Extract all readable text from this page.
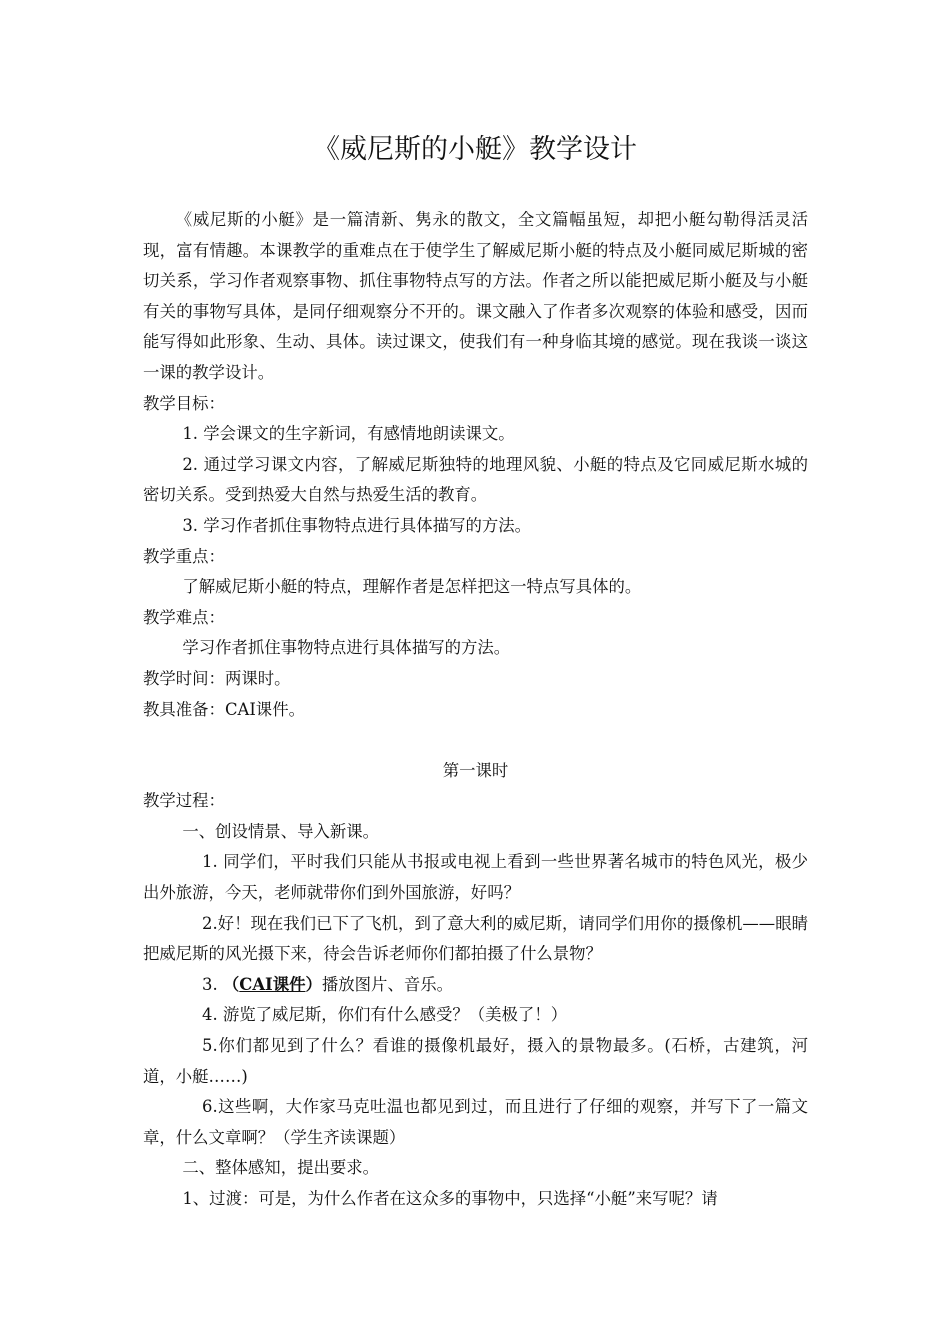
《威尼斯的小艇》教学设计

《威尼斯的小艇》是一篇清新、隽永的散文，全文篇幅虽短，却把小艇勾勒得活灵活现，富有情趣。本课教学的重难点在于使学生了解威尼斯小艇的特点及小艇同威尼斯城的密切关系，学习作者观察事物、抓住事物特点写的方法。作者之所以能把威尼斯小艇及与小艇有关的事物写具体，是同仔细观察分不开的。课文融入了作者多次观察的体验和感受，因而能写得如此形象、生动、具体。读过课文，使我们有一种身临其境的感觉。现在我谈一谈这一课的教学设计。

教学目标：

1. 学会课文的生字新词，有感情地朗读课文。

2. 通过学习课文内容，了解威尼斯独特的地理风貌、小艇的特点及它同威尼斯水城的密切关系。受到热爱大自然与热爱生活的教育。

3. 学习作者抓住事物特点进行具体描写的方法。

教学重点：

了解威尼斯小艇的特点，理解作者是怎样把这一特点写具体的。

教学难点：

学习作者抓住事物特点进行具体描写的方法。

教学时间：两课时。

教具准备：CAI课件。

第一课时

教学过程：

一、创设情景、导入新课。

1. 同学们，平时我们只能从书报或电视上看到一些世界著名城市的特色风光，极少出外旅游，今天，老师就带你们到外国旅游，好吗？

2.好！现在我们已下了飞机，到了意大利的威尼斯，请同学们用你的摄像机——眼睛把威尼斯的风光摄下来，待会告诉老师你们都拍摄了什么景物？

3. （CAI课件）播放图片、音乐。

4. 游览了威尼斯，你们有什么感受？（美极了！）

5.你们都见到了什么？看谁的摄像机最好，摄入的景物最多。(石桥，古建筑，河道，小艇……)

6.这些啊，大作家马克吐温也都见到过，而且进行了仔细的观察，并写下了一篇文章，什么文章啊？（学生齐读课题）

二、整体感知，提出要求。

1、过渡：可是，为什么作者在这众多的事物中，只选择“小艇”来写呢？请
